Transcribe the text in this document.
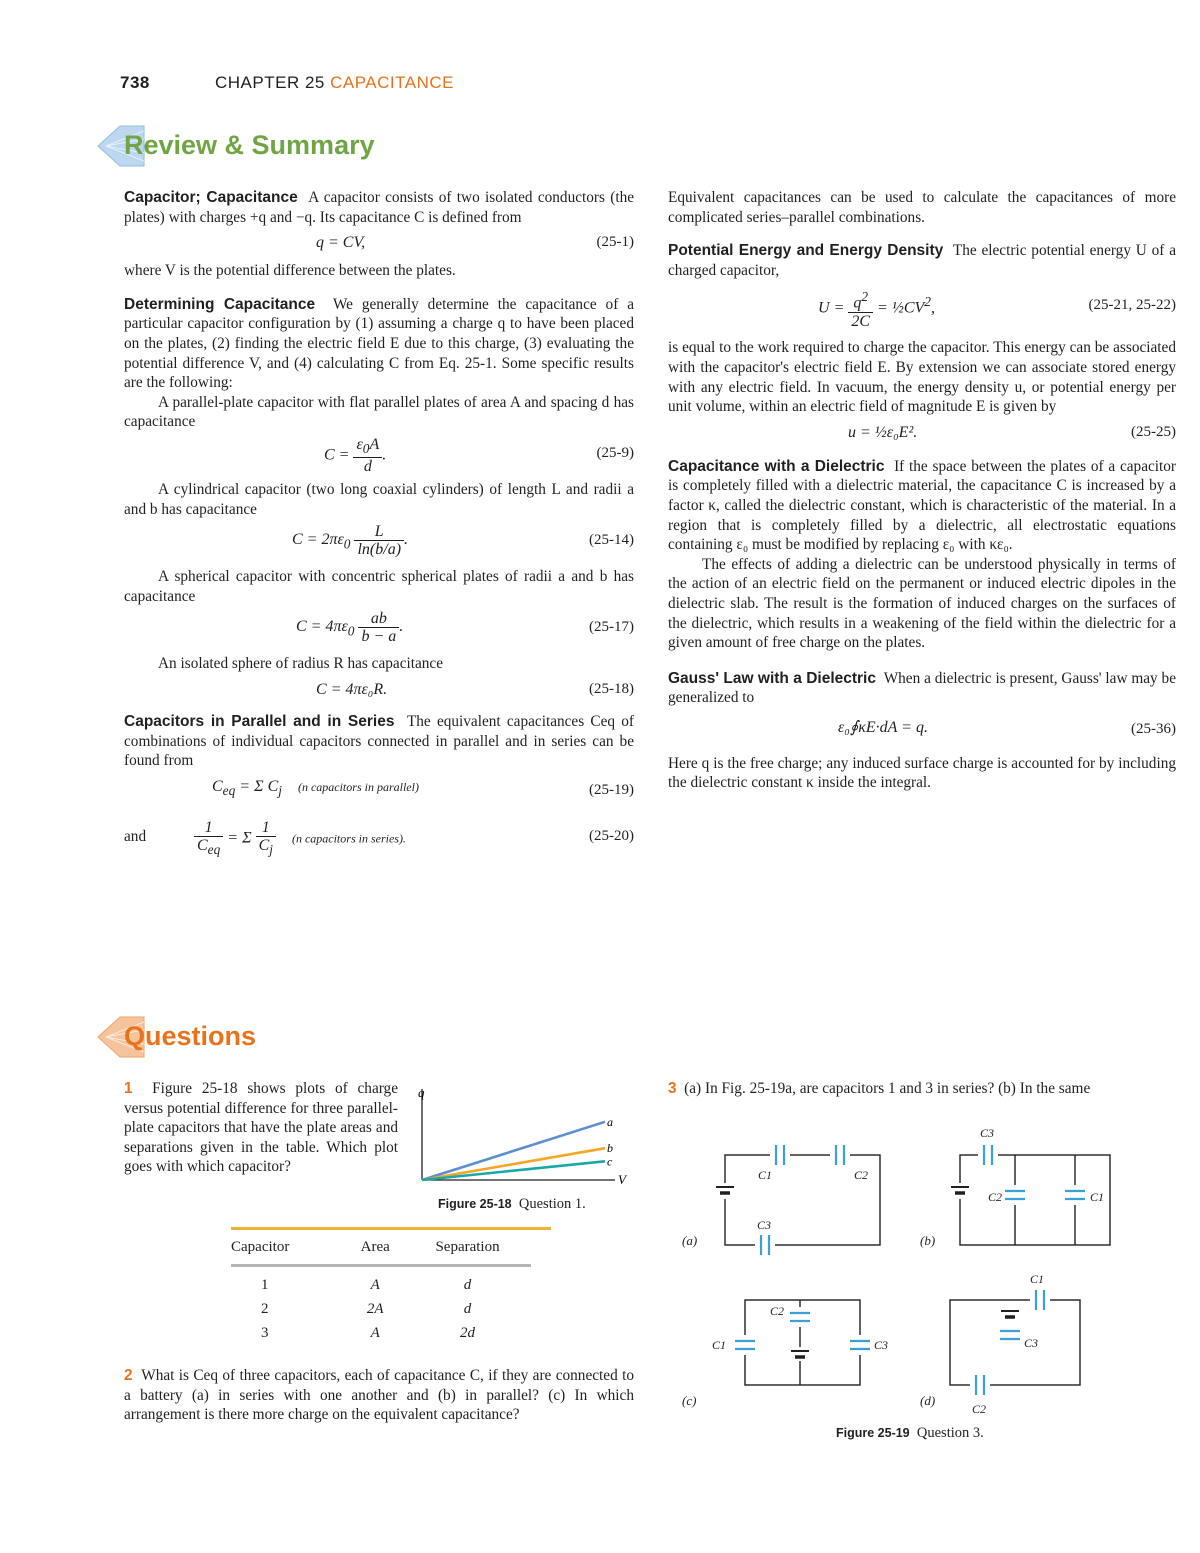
738	CHAPTER 25 CAPACITANCE
Review & Summary

Capacitor; Capacitance A capacitor consists of two isolated conductors (the plates) with charges +q and −q. Its capacitance C is defined from

q = CV,	(25-1)

where V is the potential difference between the plates.

Determining Capacitance We generally determine the capacitance of a particular capacitor configuration by (1) assuming a charge q to have been placed on the plates, (2) finding the electric field E due to this charge, (3) evaluating the potential difference V, and (4) calculating C from Eq. 25-1. Some specific results are the following:

A parallel-plate capacitor with flat parallel plates of area A and spacing d has capacitance

$C = \frac{\varepsilon_0A}{d}$ .	(25-9)

A cylindrical capacitor (two long coaxial cylinders) of length L and radii a and b has capacitance

$C = 2\pi\varepsilon_0 \frac{L}{\ln(b/a)}$ .	(25-14)

A spherical capacitor with concentric spherical plates of radii a and b has capacitance

$C = 4\pi\varepsilon_0 \frac{ab}{b - a}$ .	(25-17)

An isolated sphere of radius R has capacitance

C = 4πε₀R.	(25-18)

Capacitors in Parallel and in Series The equivalent capacitances Ceq of combinations of individual capacitors connected in parallel and in series can be found from

$C_{eq} = \Sigma$ $C_j$ (n capacitors in parallel)	(25-19)
and	$\frac{1}{C_{eq}} = \Sigma \frac{1}{C_j} (n$ capacitors in series).	(25-20)

Equivalent capacitances can be used to calculate the capacitances of more complicated series–parallel combinations.

Potential Energy and Energy Density The electric potential energy U of a charged capacitor,

$U = \frac{q^2}{2C}$ = $\frac{1}{2}CV^2$,	(25-21, 25-22)

is equal to the work required to charge the capacitor. This energy can be associated with the capacitor's electric field E. By extension we can associate stored energy with any electric field. In vacuum, the energy density u, or potential energy per unit volume, within an electric field of magnitude E is given by

u = ½ε₀E².	(25-25)

Capacitance with a Dielectric If the space between the plates of a capacitor is completely filled with a dielectric material, the capacitance C is increased by a factor κ, called the dielectric constant, which is characteristic of the material. In a region that is completely filled by a dielectric, all electrostatic equations containing ε₀ must be modified by replacing ε₀ with κε₀.

The effects of adding a dielectric can be understood physically in terms of the action of an electric field on the permanent or induced electric dipoles in the dielectric slab. The result is the formation of induced charges on the surfaces of the dielectric, which results in a weakening of the field within the dielectric for a given amount of free charge on the plates.

Gauss' Law with a Dielectric When a dielectric is present, Gauss' law may be generalized to

ε₀∮κE·dA = q.	(25-36)

Here q is the free charge; any induced surface charge is accounted for by including the dielectric constant κ inside the integral.

Questions

1 Figure 25-18 shows plots of charge versus potential difference for three parallel-plate capacitors that have the plate areas and separations given in the table. Which plot goes with which capacitor?

q
V
a
b
c
Figure 25-18 Question 1.
Capacitor	Area	Separation
1	A	d
2	2A	d
3	A	2d

2 What is Ceq of three capacitors, each of capacitance C, if they are connected to a battery (a) in series with one another and (b) in parallel? (c) In which arrangement is there more charge on the equivalent capacitance?

3 (a) In Fig. 25-19a, are capacitors 1 and 3 in series? (b) In the same

C1	C2
C3
C3
C2	C1
C1
C2
C3
C1
C3
C2
(a)	(b)
(c)	(d)
Figure 25-19 Question 3.
